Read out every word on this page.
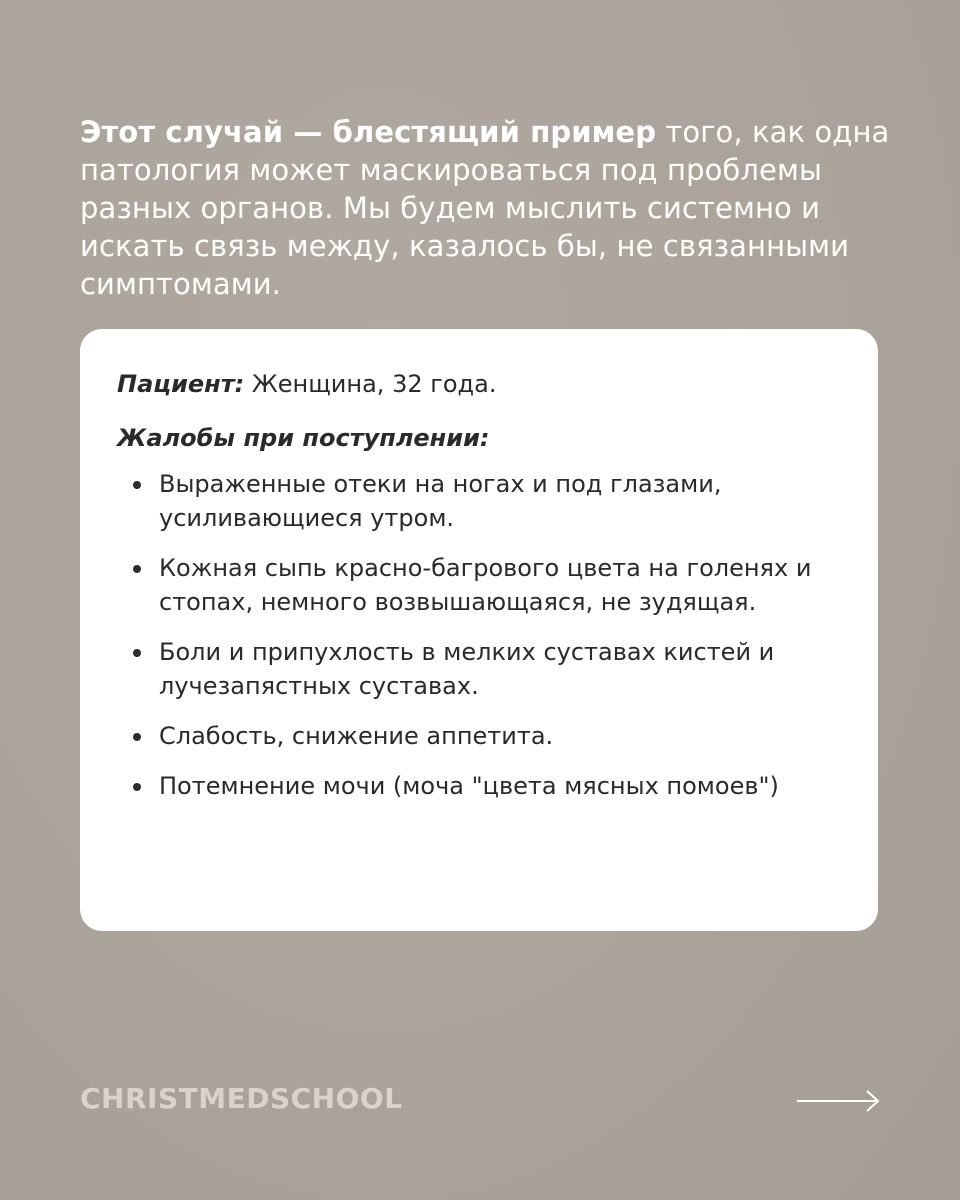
Этот случай — блестящий пример того, как одна патология может маскироваться под проблемы разных органов. Мы будем мыслить системно и искать связь между, казалось бы, не связанными симптомами.

Пациент: Женщина, 32 года.

Жалобы при поступлении:

Выраженные отеки на ногах и под глазами, усиливающиеся утром.
Кожная сыпь красно-багрового цвета на голенях и стопах, немного возвышающаяся, не зудящая.
Боли и припухлость в мелких суставах кистей и лучезапястных суставах.
Слабость, снижение аппетита.
Потемнение мочи (моча "цвета мясных помоев")
CHRISTMEDSCHOOL
